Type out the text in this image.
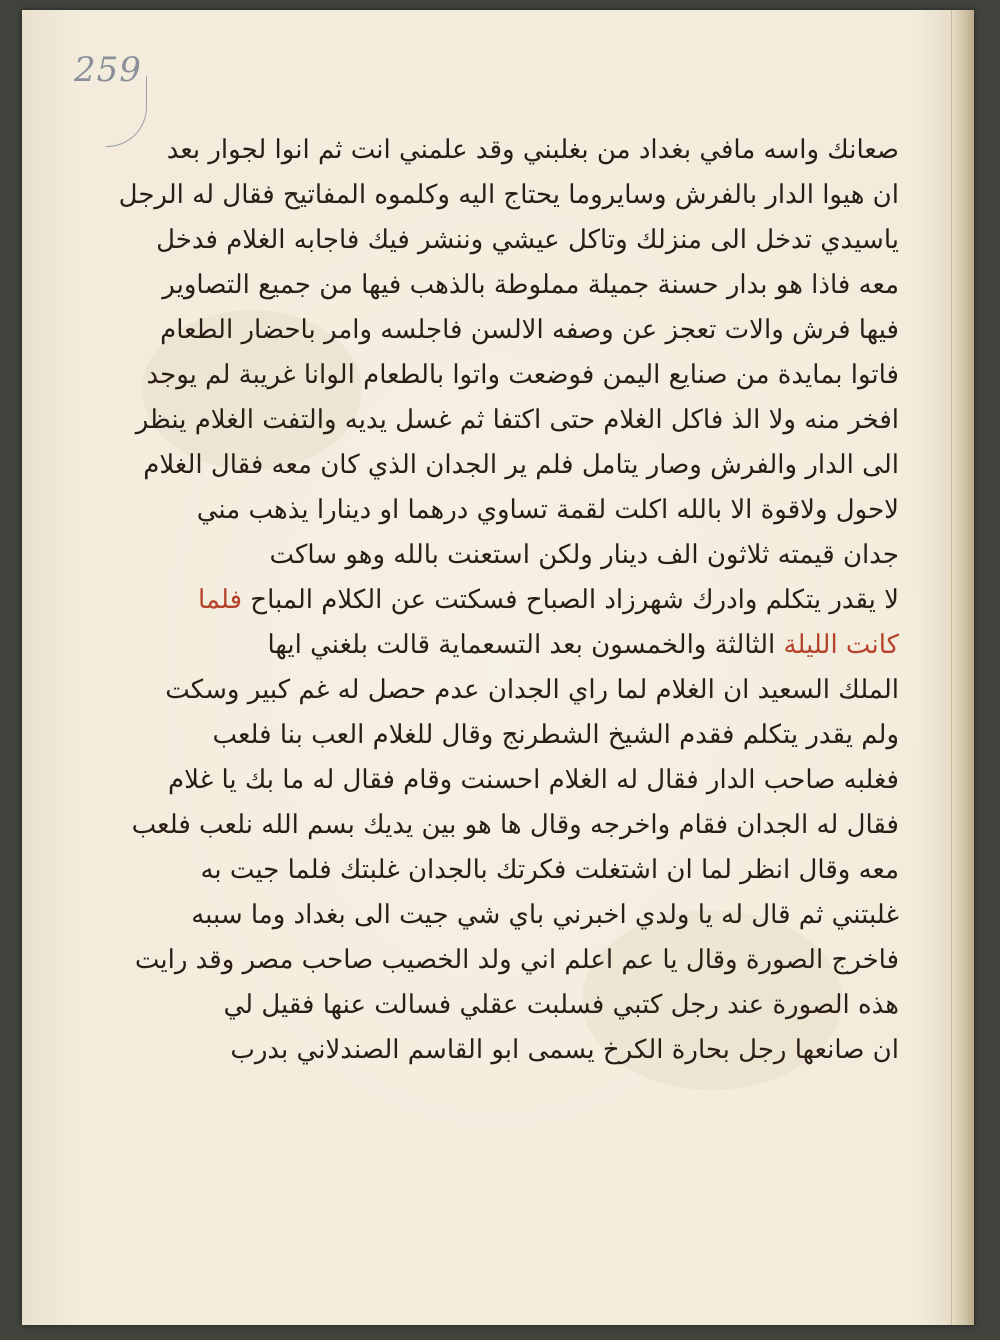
259
صعانك واسه مافي بغداد من بغلبني وقد علمني انت ثم انوا لجوار بعد
ان هيوا الدار بالفرش وسايروما يحتاج اليه وكلموه المفاتيح فقال له الرجل
ياسيدي تدخل الى منزلك وتاكل عيشي وننشر فيك فاجابه الغلام فدخل
معه فاذا هو بدار حسنة جميلة مملوطة بالذهب فيها من جميع التصاوير
فيها فرش والات تعجز عن وصفه الالسن فاجلسه وامر باحضار الطعام
فاتوا بمايدة من صنايع اليمن فوضعت واتوا بالطعام الوانا غريبة لم يوجد
افخر منه ولا الذ فاكل الغلام حتى اكتفا ثم غسل يديه والتفت الغلام ينظر
الى الدار والفرش وصار يتامل فلم ير الجدان الذي كان معه فقال الغلام
لاحول ولاقوة الا بالله اكلت لقمة تساوي درهما او دينارا يذهب مني
جدان قيمته ثلاثون الف دينار ولكن استعنت بالله وهو ساكت
لا يقدر يتكلم وادرك شهرزاد الصباح فسكتت عن الكلام المباح فلما
كانت الليلة الثالثة والخمسون بعد التسعماية قالت بلغني ايها
الملك السعيد ان الغلام لما راي الجدان عدم حصل له غم كبير وسكت
ولم يقدر يتكلم فقدم الشيخ الشطرنج وقال للغلام العب بنا فلعب
فغلبه صاحب الدار فقال له الغلام احسنت وقام فقال له ما بك يا غلام
فقال له الجدان فقام واخرجه وقال ها هو بين يديك بسم الله نلعب فلعب
معه وقال انظر لما ان اشتغلت فكرتك بالجدان غلبتك فلما جيت به
غلبتني ثم قال له يا ولدي اخبرني باي شي جيت الى بغداد وما سببه
فاخرج الصورة وقال يا عم اعلم اني ولد الخصيب صاحب مصر وقد رايت
هذه الصورة عند رجل كتبي فسلبت عقلي فسالت عنها فقيل لي
ان صانعها رجل بحارة الكرخ يسمى ابو القاسم الصندلاني بدرب
